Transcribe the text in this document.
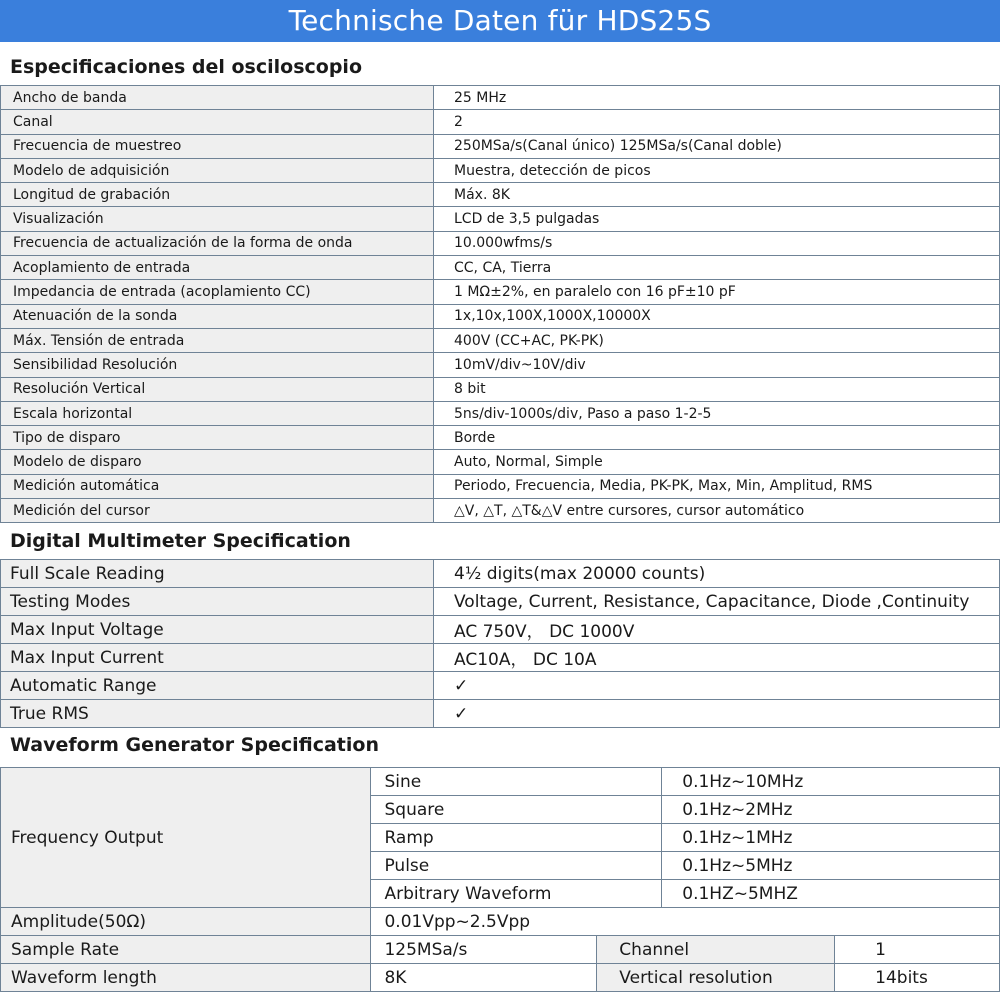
Technische Daten für HDS25S
Especificaciones del osciloscopio
Ancho de banda	25 MHz
Canal	2
Frecuencia de muestreo	250MSa/s(Canal único) 125MSa/s(Canal doble)
Modelo de adquisición	Muestra, detección de picos
Longitud de grabación	Máx. 8K
Visualización	LCD de 3,5 pulgadas
Frecuencia de actualización de la forma de onda	10.000wfms/s
Acoplamiento de entrada	CC, CA, Tierra
Impedancia de entrada (acoplamiento CC)	1 MΩ±2%, en paralelo con 16 pF±10 pF
Atenuación de la sonda	1x,10x,100X,1000X,10000X
Máx. Tensión de entrada	400V (CC+AC, PK-PK)
Sensibilidad Resolución	10mV/div~10V/div
Resolución Vertical	8 bit
Escala horizontal	5ns/div-1000s/div, Paso a paso 1-2-5
Tipo de disparo	Borde
Modelo de disparo	Auto, Normal, Simple
Medición automática	Periodo, Frecuencia, Media, PK-PK, Max, Min, Amplitud, RMS
Medición del cursor	△V, △T, △T&△V entre cursores, cursor automático
Digital Multimeter Specification
Full Scale Reading	4½ digits(max 20000 counts)
Testing Modes	Voltage, Current, Resistance, Capacitance, Diode ,Continuity
Max Input Voltage	AC 750V， DC 1000V
Max Input Current	AC10A， DC 10A
Automatic Range	✓
True RMS	✓
Waveform Generator Specification
Frequency Output	Sine		0.1Hz~10MHz	
	Square		0.1Hz~2MHz	
	Ramp		0.1Hz~1MHz	
	Pulse		0.1Hz~5MHz	
	Arbitrary Waveform		0.1HZ~5MHZ	
Amplitude(50Ω)	0.01Vpp~2.5Vpp			
Sample Rate	125MSa/s	Channel		1
Waveform length	8K	Vertical resolution		14bits
